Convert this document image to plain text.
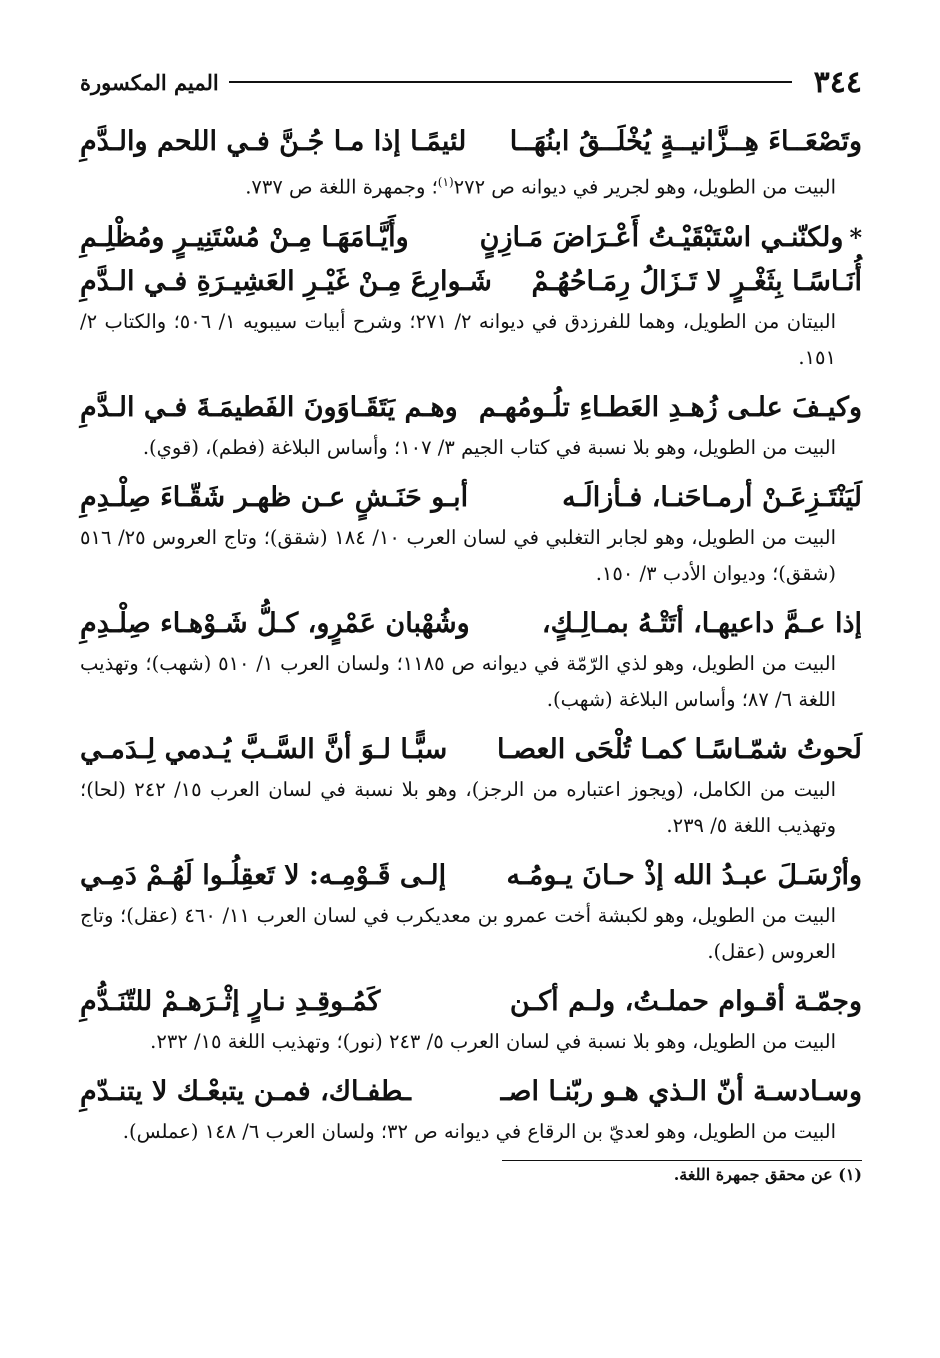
٣٤٤
الميم المكسورة
وتَصْعَــاءَ هِــزَّانيــةٍ يُخْلَــقُ ابنُهَــا
لئيمًـا إذا مـا جُـنَّ فـي اللحم والـدَّمِ
البيت من الطويل، وهو لجرير في ديوانه ص ٢٧٢$^{(١)}$؛ وجمهرة اللغة ص ٧٣٧.
*ولكنّنـي اسْتَبْقَيْـتُ أَعْـرَاضَ مَـازِنٍ
وأَيَّـامَهَـا مِـنْ مُسْتَنِيـرٍ ومُظْلِـمِ
أُنَـاسًـا بِثَغْـرٍ لا تَـزَالُ رِمَـاحُهُـمْ
شَـوارِعَ مِـنْ غَيْـرِ العَشِيـرَةِ فـي الـدَّمِ
البيتان من الطويل، وهما للفرزدق في ديوانه ٢/ ٢٧١؛ وشرح أبيات سيبويه ١/ ٥٠٦؛ والكتاب ٢/ ١٥١.
وكيـفَ علـى زُهـدِ العَطـاءِ تلُـومُهـم
وهـم يَتَقَـاوَونَ الفَطيمَـةَ فـي الـدَّمِ
البيت من الطويل، وهو بلا نسبة في كتاب الجيم ٣/ ١٠٧؛ وأساس البلاغة (فطم)، (قوي).
لَيَنْتَـزِعَـنْ أرمـاحَنـا، فـأزالَـه
أبـو حَنَـشٍ عـن ظهـر شَقّـاءَ صِلْـدِمِ
البيت من الطويل، وهو لجابر التغلبي في لسان العرب ١٠/ ١٨٤ (شقق)؛ وتاج العروس ٢٥/ ٥١٦ (شقق)؛ وديوان الأدب ٣/ ١٥٠.
إذا عـمَّ داعيهـا، أتَتْـهُ بمـالِـكٍ،
وشُهْبان عَمْرٍو، كـلُّ شَـوْهـاء صِلْـدِمِ
البيت من الطويل، وهو لذي الرّمّة في ديوانه ص ١١٨٥؛ ولسان العرب ١/ ٥١٠ (شهب)؛ وتهذيب اللغة ٦/ ٨٧؛ وأساس البلاغة (شهب).
لَحوتُ شمّـاسًـا كمـا تُلْحَى العصـا
سبًّـا لـوَ أنَّ السَّـبَّ يُـدمي لِـدَمـي
البيت من الكامل، (ويجوز اعتباره من الرجز)، وهو بلا نسبة في لسان العرب ١٥/ ٢٤٢ (لحا)؛ وتهذيب اللغة ٥/ ٢٣٩.
وأرْسَـلَ عبـدُ الله إذْ حـانَ يـومُـه
إلـى قَـوْمِـه: لا تَعقِلُـوا لَهُـمْ دَمِـي
البيت من الطويل، وهو لكبشة أخت عمرو بن معديكرب في لسان العرب ١١/ ٤٦٠ (عقل)؛ وتاج العروس (عقل).
وجمّـة أقـوام حملـتُ، ولـم أكـن
كَمُـوقِـدِ نـارٍ إثْـرَهـمْ للتّنَـدُّمِ
البيت من الطويل، وهو بلا نسبة في لسان العرب ٥/ ٢٤٣ (نور)؛ وتهذيب اللغة ١٥/ ٢٣٢.
وسـادسـة أنّ الـذي هـو ربّنـا اصـ
ـطفـاك، فمـن يتبعْـك لا يتنـدّمِ
البيت من الطويل، وهو لعديّ بن الرقاع في ديوانه ص ٣٢؛ ولسان العرب ٦/ ١٤٨ (عملس).
(١) عن محقق جمهرة اللغة.
